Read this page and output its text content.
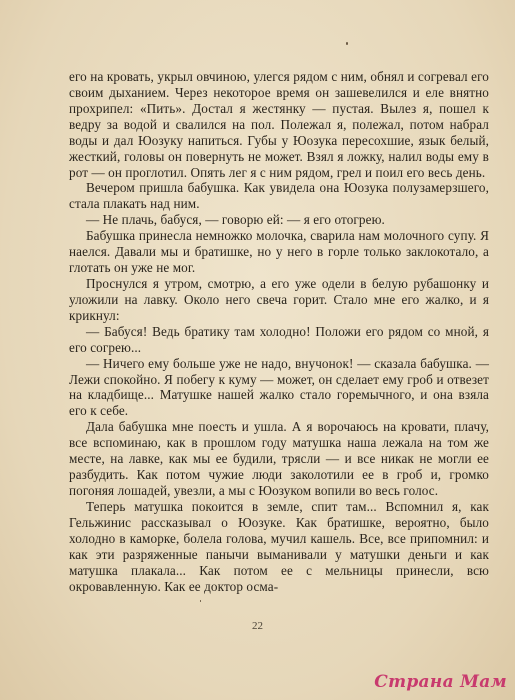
его на кровать, укрыл овчиною, улегся рядом с ним, обнял и согревал его своим дыханием. Через некоторое время он зашевелился и еле внятно прохрипел: «Пить». Достал я жестянку — пустая. Вылез я, пошел к ведру за водой и свалился на пол. Полежал я, полежал, потом набрал воды и дал Юозуку напиться. Губы у Юозука пересохшие, язык белый, жесткий, головы он повернуть не может. Взял я ложку, налил воды ему в рот — он проглотил. Опять лег я с ним рядом, грел и поил его весь день.

Вечером пришла бабушка. Как увидела она Юозука полузамерзшего, стала плакать над ним.

— Не плачь, бабуся, — говорю ей: — я его отогрею.

Бабушка принесла немножко молочка, сварила нам молочного супу. Я наелся. Давали мы и братишке, но у него в горле только заклокотало, а глотать он уже не мог.

Проснулся я утром, смотрю, а его уже одели в белую рубашонку и уложили на лавку. Около него свеча горит. Стало мне его жалко, и я крикнул:

— Бабуся! Ведь братику там холодно! Положи его рядом со мной, я его согрею...

— Ничего ему больше уже не надо, внучонок! — сказала бабушка. — Лежи спокойно. Я побегу к куму — может, он сделает ему гроб и отвезет на кладбище... Матушке нашей жалко стало горемычного, и она взяла его к себе.

Дала бабушка мне поесть и ушла. А я ворочаюсь на кровати, плачу, все вспоминаю, как в прошлом году матушка наша лежала на том же месте, на лавке, как мы ее будили, трясли — и все никак не могли ее разбудить. Как потом чужие люди заколотили ее в гроб и, громко погоняя лошадей, увезли, а мы с Юозуком вопили во весь голос.

Теперь матушка покоится в земле, спит там... Вспомнил я, как Гельжинис рассказывал о Юозуке. Как братишке, вероятно, было холодно в каморке, болела голова, мучил кашель. Все, все припомнил: и как эти разряженные панычи выманивали у матушки деньги и как матушка плакала... Как потом ее с мельницы принесли, всю окровавленную. Как ее доктор осма-

22
Страна Мам
